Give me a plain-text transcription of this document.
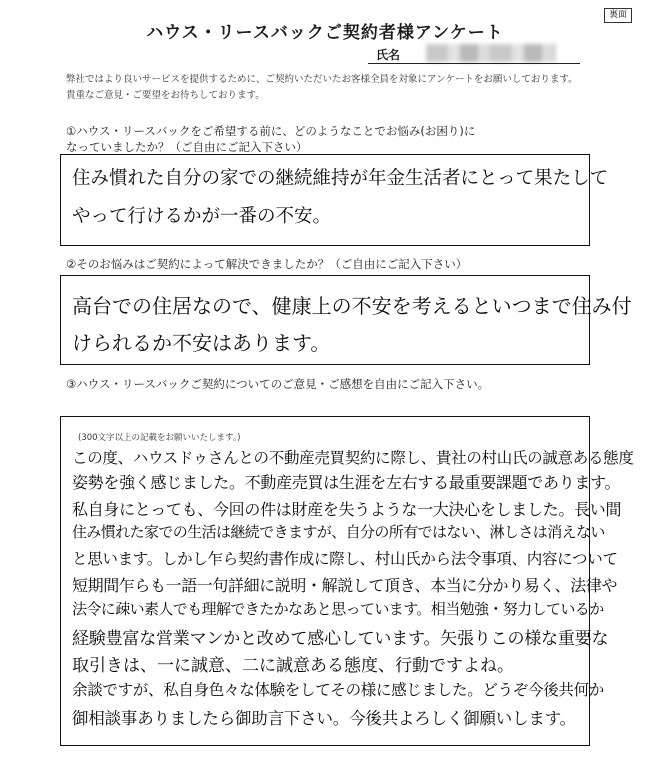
裏面
ハウス・リースバックご契約者様アンケート
氏名
弊社ではより良いサービスを提供するために、ご契約いただいたお客様全員を対象にアンケートをお願いしております。
貴重なご意見・ご要望をお待ちしております。
①ハウス・リースバックをご希望する前に、どのようなことでお悩み(お困り)に
なっていましたか？（ご自由にご記入下さい）
住み慣れた自分の家での継続維持が年金生活者にとって果たして
やって行けるかが一番の不安。
②そのお悩みはご契約によって解決できましたか？（ご自由にご記入下さい）
高台での住居なので、健康上の不安を考えるといつまで住み付
けられるか不安はあります。
③ハウス・リースバックご契約についてのご意見・ご感想を自由にご記入下さい。
(300文字以上の記載をお願いいたします。)
この度、ハウスドゥさんとの不動産売買契約に際し、貴社の村山氏の誠意ある態度
姿勢を強く感じました。不動産売買は生涯を左右する最重要課題であります。
私自身にとっても、今回の件は財産を失うような一大決心をしました。長い間
住み慣れた家での生活は継続できますが、自分の所有ではない、淋しさは消えない
と思います。しかし乍ら契約書作成に際し、村山氏から法令事項、内容について
短期間乍らも一語一句詳細に説明・解説して頂き、本当に分かり易く、法律や
法令に疎い素人でも理解できたかなあと思っています。相当勉強・努力しているか
経験豊富な営業マンかと改めて感心しています。矢張りこの様な重要な
取引きは、一に誠意、二に誠意ある態度、行動ですよね。
余談ですが、私自身色々な体験をしてその様に感じました。どうぞ今後共何か
御相談事ありましたら御助言下さい。今後共よろしく御願いします。
